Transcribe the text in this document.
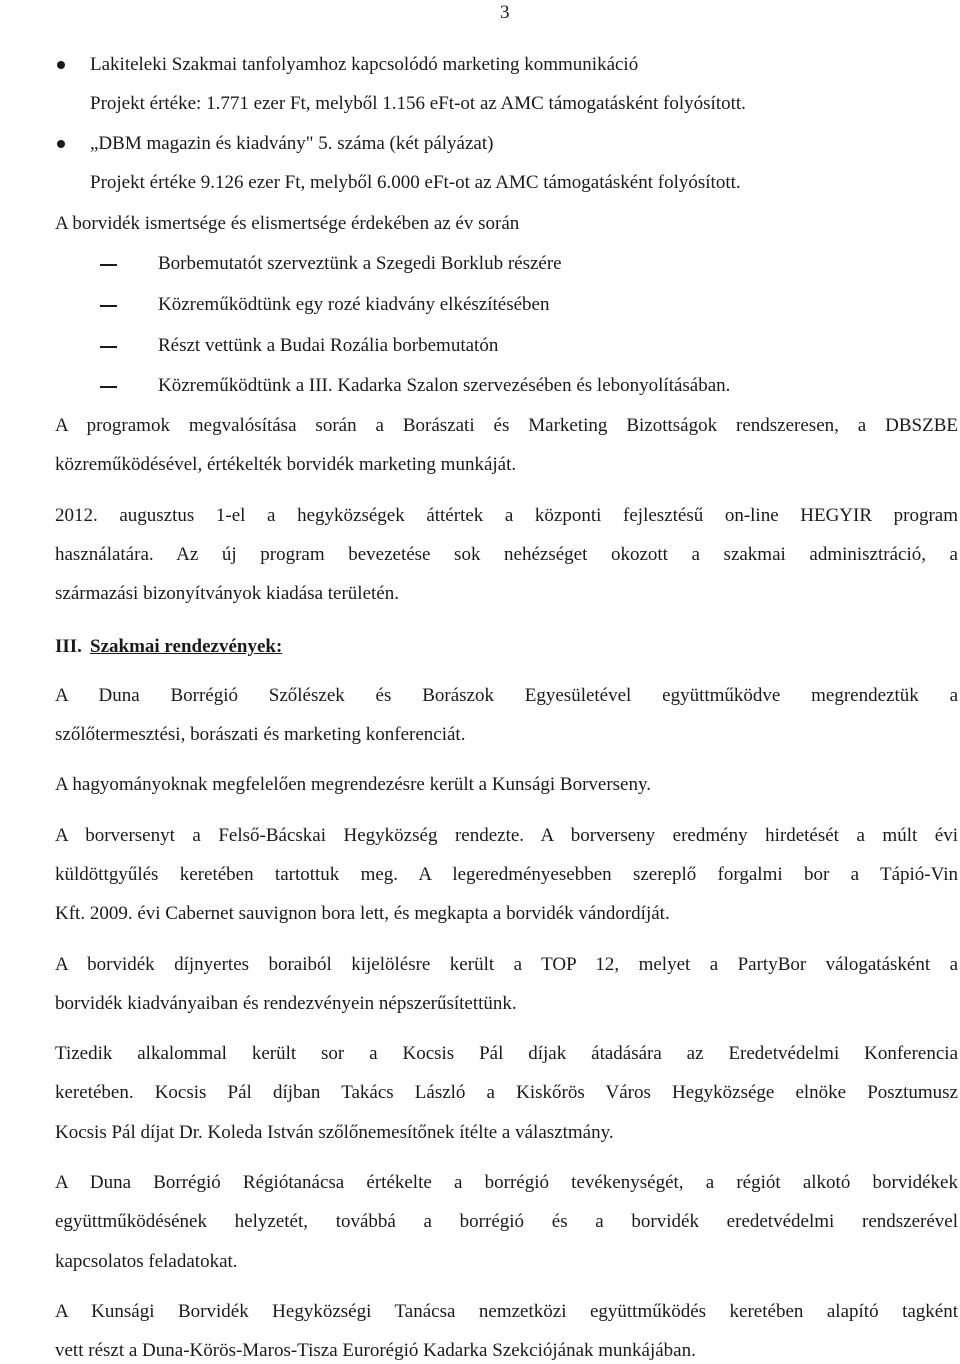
3
Lakiteleki Szakmai tanfolyamhoz kapcsolódó marketing kommunikáció
Projekt értéke: 1.771 ezer Ft, melyből 1.156 eFt-ot az AMC támogatásként folyósított.
„DBM magazin és kiadvány" 5. száma (két pályázat)
Projekt értéke 9.126 ezer Ft, melyből 6.000 eFt-ot az AMC támogatásként folyósított.
A borvidék ismertsége és elismertsége érdekében az év során
Borbemutatót szerveztünk a Szegedi Borklub részére
Közreműködtünk egy rozé kiadvány elkészítésében
Részt vettünk a Budai Rozália borbemutatón
Közreműködtünk a III. Kadarka Szalon szervezésében és lebonyolításában.
A programok megvalósítása során a Borászati és Marketing Bizottságok rendszeresen, a DBSZBE
közreműködésével, értékelték borvidék marketing munkáját.
2012. augusztus 1-el a hegyközségek áttértek a központi fejlesztésű on-line HEGYIR program
használatára. Az új program bevezetése sok nehézséget okozott a szakmai adminisztráció, a
származási bizonyítványok kiadása területén.
III. Szakmai rendezvények:
A Duna Borrégió Szőlészek és Borászok Egyesületével együttműködve megrendeztük a
szőlőtermesztési, borászati és marketing konferenciát.
A hagyományoknak megfelelően megrendezésre került a Kunsági Borverseny.
A borversenyt a Felső-Bácskai Hegyközség rendezte. A borverseny eredmény hirdetését a múlt évi
küldöttgyűlés keretében tartottuk meg. A legeredményesebben szereplő forgalmi bor a Tápió-Vin
Kft. 2009. évi Cabernet sauvignon bora lett, és megkapta a borvidék vándordíját.
A borvidék díjnyertes boraiból kijelölésre került a TOP 12, melyet a PartyBor válogatásként a
borvidék kiadványaiban és rendezvényein népszerűsítettünk.
Tizedik alkalommal került sor a Kocsis Pál díjak átadására az Eredetvédelmi Konferencia
keretében. Kocsis Pál díjban Takács László a Kiskőrös Város Hegyközsége elnöke Posztumusz
Kocsis Pál díjat Dr. Koleda István szőlőnemesítőnek ítélte a választmány.
A Duna Borrégió Régiótanácsa értékelte a borrégió tevékenységét, a régiót alkotó borvidékek
együttműködésének helyzetét, továbbá a borrégió és a borvidék eredetvédelmi rendszerével
kapcsolatos feladatokat.
A Kunsági Borvidék Hegyközségi Tanácsa nemzetközi együttműködés keretében alapító tagként
vett részt a Duna-Körös-Maros-Tisza Eurorégió Kadarka Szekciójának munkájában.
